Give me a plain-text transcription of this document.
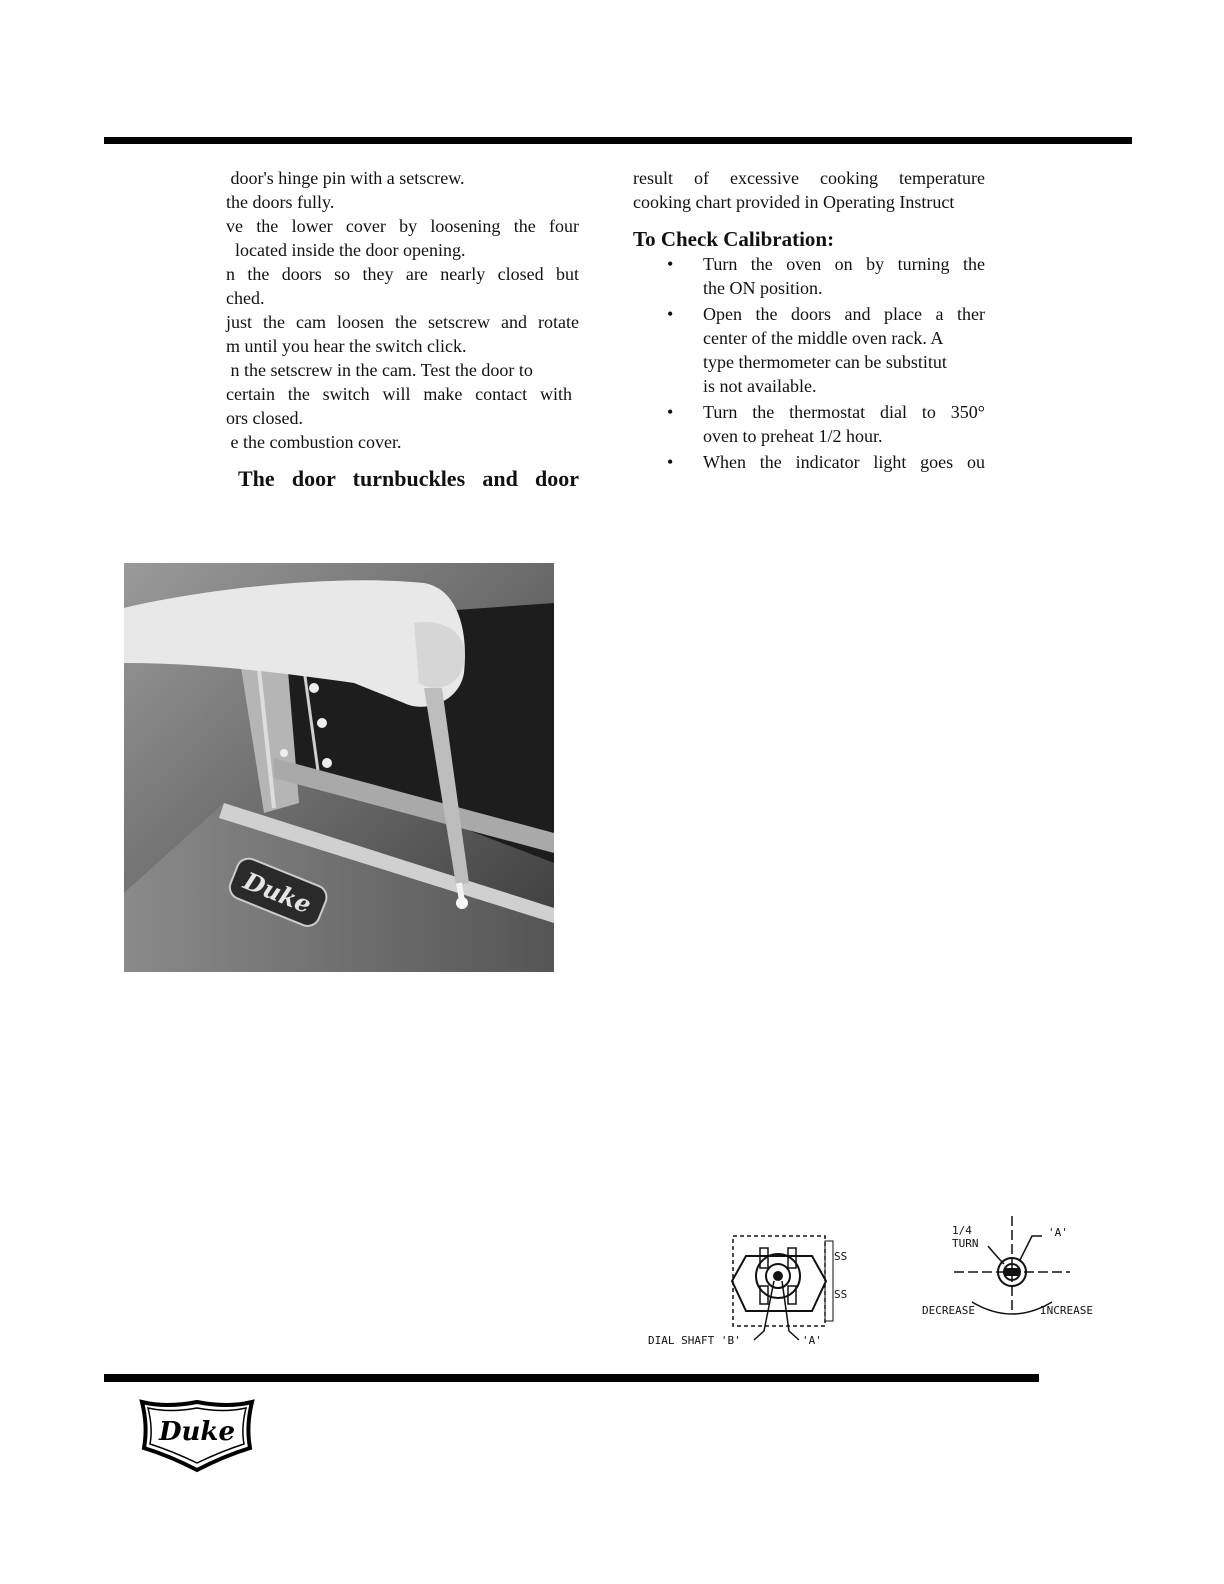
door's hinge pin with a setscrew.

the doors fully.

ve the lower cover by loosening the four

located inside the door opening.

n the doors so they are nearly closed but

ched.

just the cam loosen the setscrew and rotate

m until you hear the switch click.

n the setscrew in the cam. Test the door to

certain the switch will make contact with

ors closed.

e the combustion cover.

The door turnbuckles and door

result of excessive cooking temperature

cooking chart provided in Operating Instruct

To Check Calibration:

• Turn the oven on by turning the

the ON position.

• Open the doors and place a ther

center of the middle oven rack. A

type thermometer can be substitut

is not available.

• Turn the thermostat dial to 350°

oven to preheat 1/2 hour.

• When the indicator light goes ou

Duke
SS
SS
DIAL SHAFT 'B'	'A'
1/4
TURN
'A'
DECREASE	INCREASE
Duke
